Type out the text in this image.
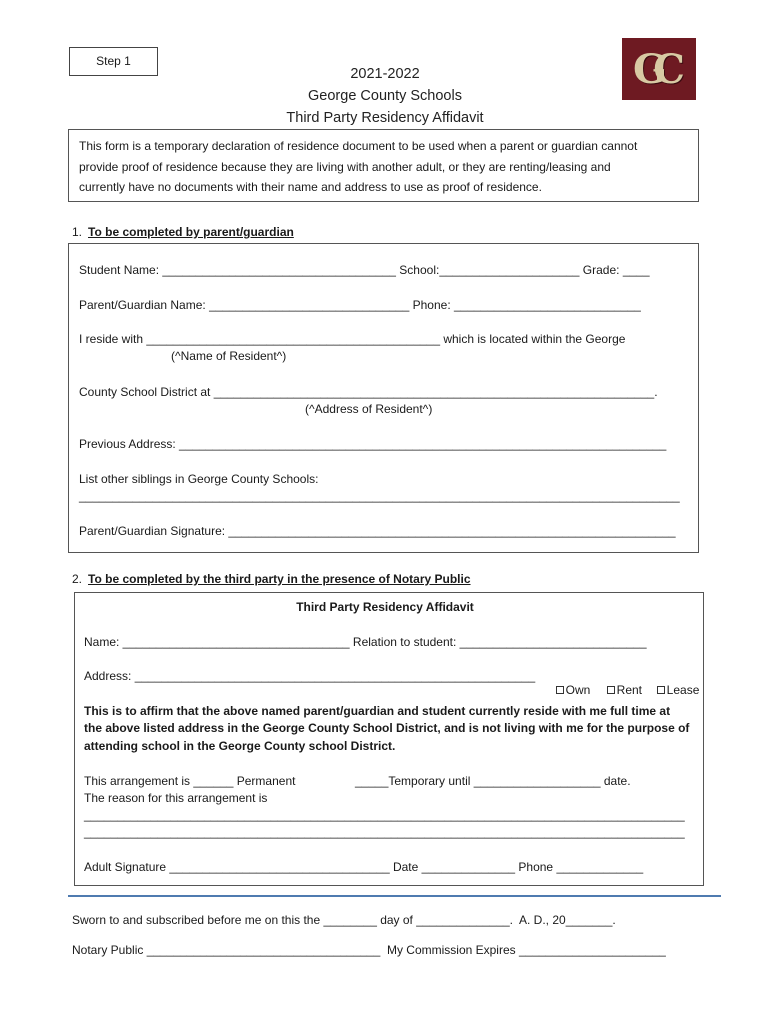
Step 1	GC
2021-2022
George County Schools
Third Party Residency Affidavit
This form is a temporary declaration of residence document to be used when a parent or guardian cannot
provide proof of residence because they are living with another adult, or they are renting/leasing and
currently have no documents with their name and address to use as proof of residence.
1. To be completed by parent/guardian
Student Name: ___________________________________ School:_____________________ Grade: ____
Parent/Guardian Name: ______________________________ Phone: ____________________________
I reside with ____________________________________________ which is located within the George
(^Name of Resident^)
County School District at __________________________________________________________________.
(^Address of Resident^)
Previous Address: _________________________________________________________________________
List other siblings in George County Schools:
__________________________________________________________________________________________
Parent/Guardian Signature: ___________________________________________________________________
2. To be completed by the third party in the presence of Notary Public
Third Party Residency Affidavit
Name: __________________________________ Relation to student: ____________________________
Address: ____________________________________________________________

Own	Rent	Lease

This is to affirm that the above named parent/guardian and student currently reside with me full time at
the above listed address in the George County School District, and is not living with me for the purpose of
attending school in the George County school District.
This arrangement is ______ Permanent	_____Temporary until ___________________ date.
The reason for this arrangement is
__________________________________________________________________________________________
__________________________________________________________________________________________
Adult Signature _________________________________ Date ______________ Phone _____________
Sworn to and subscribed before me on this the ________ day of ______________.  A. D., 20_______.
Notary Public ___________________________________  My Commission Expires ______________________
